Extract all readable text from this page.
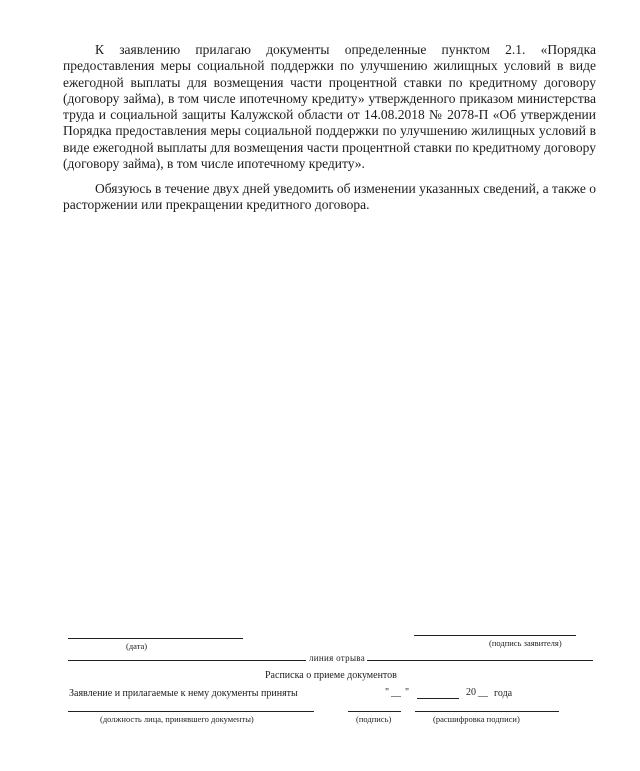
К заявлению прилагаю документы определенные пунктом 2.1. «Порядка предоставления меры социальной поддержки по улучшению жилищных условий в виде ежегодной выплаты для возмещения части процентной ставки по кредитному договору (договору займа), в том числе ипотечному кредиту» утвержденного приказом министерства труда и социальной защиты Калужской области от 14.08.2018 № 2078-П «Об утверждении Порядка предоставления меры социальной поддержки по улучшению жилищных условий в виде ежегодной выплаты для возмещения части процентной ставки по кредитному договору (договору займа), в том числе ипотечному кредиту».

Обязуюсь в течение двух дней уведомить об изменении указанных сведений, а также о расторжении или прекращении кредитного договора.

(дата)	(подпись заявителя)
линия отрыва
Расписка о приеме документов
Заявление и прилагаемые к нему документы приняты	" __ "	20 __ года
(должность лица, принявшего документы)	(подпись)	(расшифровка подписи)
